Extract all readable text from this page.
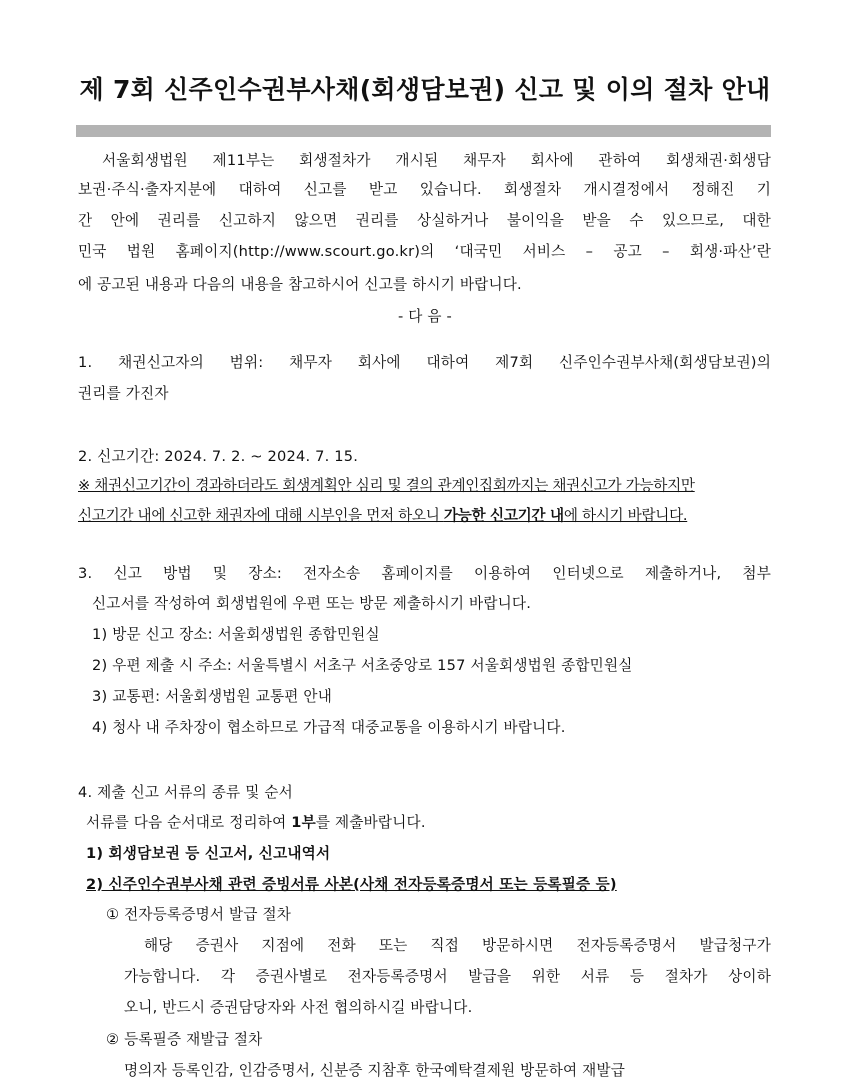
제 7회 신주인수권부사채(회생담보권) 신고 및 이의 절차 안내
서울회생법원 제11부는 회생절차가 개시된 채무자 회사에 관하여 회생채권·회생담
보권·주식·출자지분에 대하여 신고를 받고 있습니다. 회생절차 개시결정에서 정해진 기
간 안에 권리를 신고하지 않으면 권리를 상실하거나 불이익을 받을 수 있으므로, 대한
민국 법원 홈페이지(http://www.scourt.go.kr)의 ‘대국민 서비스 – 공고 – 회생·파산’란
에 공고된 내용과 다음의 내용을 참고하시어 신고를 하시기 바랍니다.
- 다 음 -
1. 채권신고자의 범위: 채무자 회사에 대하여 제7회 신주인수권부사채(회생담보권)의
권리를 가진자
2. 신고기간: 2024. 7. 2. ~ 2024. 7. 15.
※ 채권신고기간이 경과하더라도 회생계획안 심리 및 결의 관계인집회까지는 채권신고가 가능하지만
신고기간 내에 신고한 채권자에 대해 시부인을 먼저 하오니 가능한 신고기간 내에 하시기 바랍니다.
3. 신고 방법 및 장소: 전자소송 홈페이지를 이용하여 인터넷으로 제출하거나, 첨부
신고서를 작성하여 회생법원에 우편 또는 방문 제출하시기 바랍니다.
1) 방문 신고 장소: 서울회생법원 종합민원실
2) 우편 제출 시 주소: 서울특별시 서초구 서초중앙로 157 서울회생법원 종합민원실
3) 교통편: 서울회생법원 교통편 안내
4) 청사 내 주차장이 협소하므로 가급적 대중교통을 이용하시기 바랍니다.
4. 제출 신고 서류의 종류 및 순서
서류를 다음 순서대로 정리하여 1부를 제출바랍니다.
1) 회생담보권 등 신고서, 신고내역서
2) 신주인수권부사채 관련 증빙서류 사본(사채 전자등록증명서 또는 등록필증 등)
① 전자등록증명서 발급 절차
해당 증권사 지점에 전화 또는 직접 방문하시면 전자등록증명서 발급청구가
가능합니다. 각 증권사별로 전자등록증명서 발급을 위한 서류 등 절차가 상이하
오니, 반드시 증권담당자와 사전 협의하시길 바랍니다.
② 등록필증 재발급 절차
명의자 등록인감, 인감증명서, 신분증 지참후 한국예탁결제원 방문하여 재발급
